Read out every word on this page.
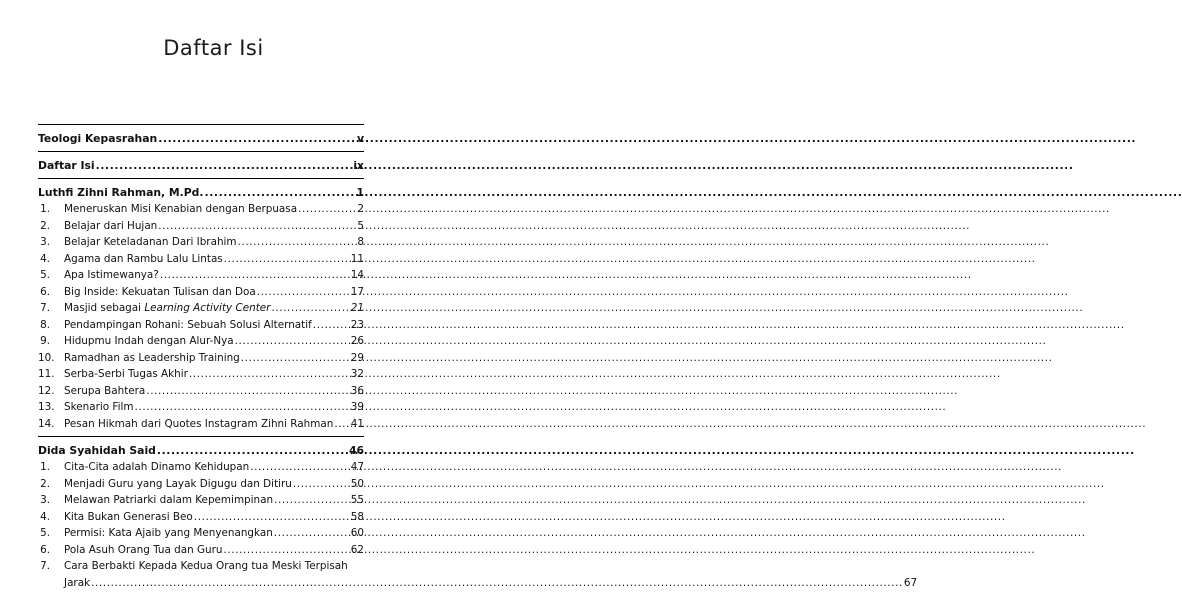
Daftar Isi
Teologi Kepasrahan .....	v
Daftar Isi .....	ix
Luthfi Zihni Rahman, M.Pd. .....	1
1. Meneruskan Misi Kenabian dengan Berpuasa .....	2
2. Belajar dari Hujan .....	5
3. Belajar Keteladanan Dari Ibrahim .....	8
4. Agama dan Rambu Lalu Lintas .....	11
5. Apa Istimewanya? .....	14
6. Big Inside: Kekuatan Tulisan dan Doa .....	17
7. Masjid sebagai Learning Activity Center .....	21
8. Pendampingan Rohani: Sebuah Solusi Alternatif .....	23
9. Hidupmu Indah dengan Alur-Nya .....	26
10. Ramadhan as Leadership Training .....	29
11. Serba-Serbi Tugas Akhir .....	32
12. Serupa Bahtera .....	36
13. Skenario Film .....	39
14. Pesan Hikmah dari Quotes Instagram Zihni Rahman ..... 41
Dida Syahidah Said .....	46
1. Cita-Cita adalah Dinamo Kehidupan .....	47
2. Menjadi Guru yang Layak Digugu dan Ditiru .....	50
3. Melawan Patriarki dalam Kepemimpinan .....	55
4. Kita Bukan Generasi Beo .....	58
5. Permisi: Kata Ajaib yang Menyenangkan .....	60
6. Pola Asuh Orang Tua dan Guru .....	62
7. Cara Berbakti Kepada Kedua Orang tua Meski Terpisah
Jarak .....	67
